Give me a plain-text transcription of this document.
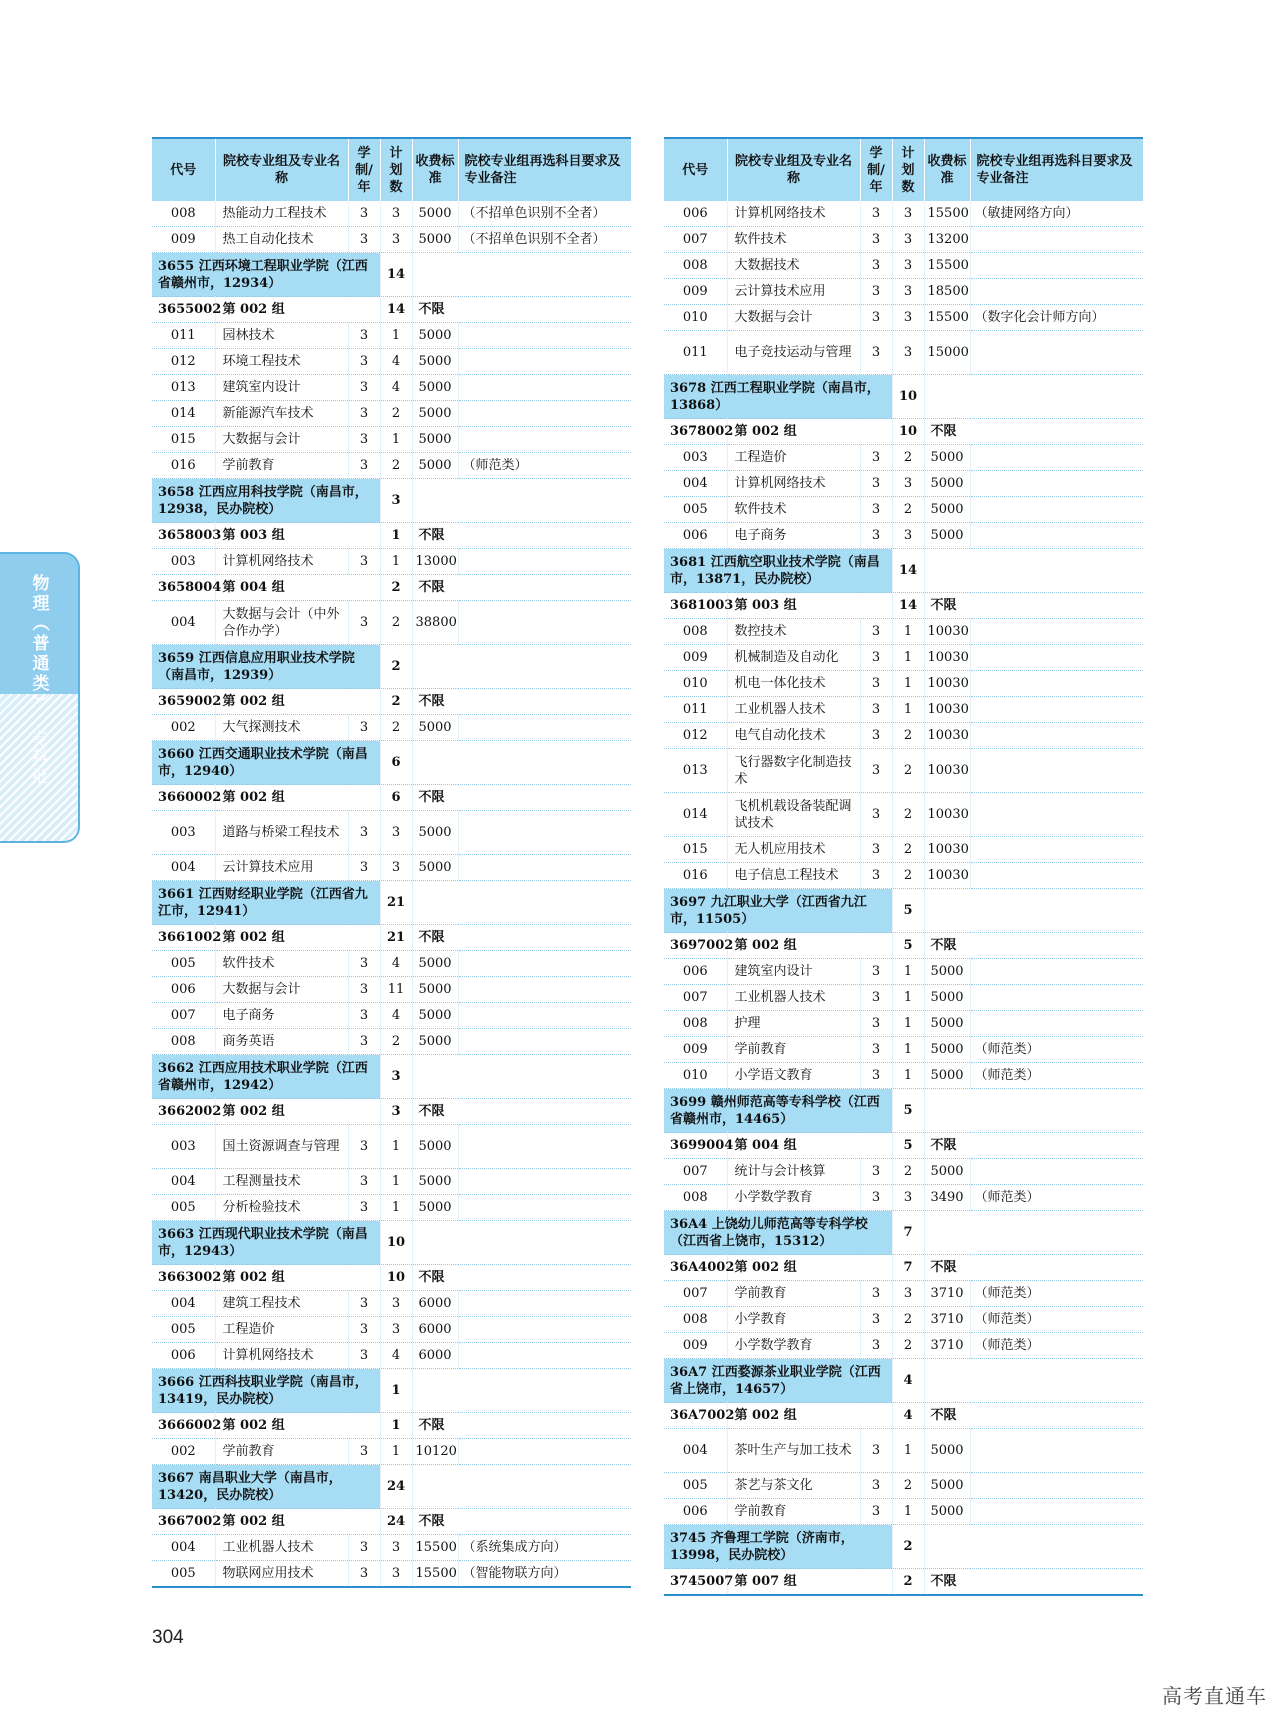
物理（普通类）
专科批
代号	院校专业组及专业名称	学制/年	计划数	收费标准	院校专业组再选科目要求及专业备注
008	热能动力工程技术	3	3	5000	（不招单色识别不全者）
009	热工自动化技术	3	3	5000	（不招单色识别不全者）
3655 江西环境工程职业学院（江西省赣州市，12934）			14		
3655002	第 002 组		14	不限	
011	园林技术	3	1	5000	
012	环境工程技术	3	4	5000	
013	建筑室内设计	3	4	5000	
014	新能源汽车技术	3	2	5000	
015	大数据与会计	3	1	5000	
016	学前教育	3	2	5000	（师范类）
3658 江西应用科技学院（南昌市，12938，民办院校）			3		
3658003	第 003 组		1	不限	
003	计算机网络技术	3	1	13000	
3658004	第 004 组		2	不限	
004	大数据与会计（中外合作办学）	3	2	38800	
3659 江西信息应用职业技术学院（南昌市，12939）			2		
3659002	第 002 组		2	不限	
002	大气探测技术	3	2	5000	
3660 江西交通职业技术学院（南昌市，12940）			6		
3660002	第 002 组		6	不限	
003	道路与桥梁工程技术	3	3	5000	
004	云计算技术应用	3	3	5000	
3661 江西财经职业学院（江西省九江市，12941）			21		
3661002	第 002 组		21	不限	
005	软件技术	3	4	5000	
006	大数据与会计	3	11	5000	
007	电子商务	3	4	5000	
008	商务英语	3	2	5000	
3662 江西应用技术职业学院（江西省赣州市，12942）			3		
3662002	第 002 组		3	不限	
003	国土资源调查与管理	3	1	5000	
004	工程测量技术	3	1	5000	
005	分析检验技术	3	1	5000	
3663 江西现代职业技术学院（南昌市，12943）			10		
3663002	第 002 组		10	不限	
004	建筑工程技术	3	3	6000	
005	工程造价	3	3	6000	
006	计算机网络技术	3	4	6000	
3666 江西科技职业学院（南昌市，13419，民办院校）			1		
3666002	第 002 组		1	不限	
002	学前教育	3	1	10120	
3667 南昌职业大学（南昌市，13420，民办院校）			24		
3667002	第 002 组		24	不限	
004	工业机器人技术	3	3	15500	（系统集成方向）
005	物联网应用技术	3	3	15500	（智能物联方向）
代号	院校专业组及专业名称	学制/年	计划数	收费标准	院校专业组再选科目要求及专业备注
006	计算机网络技术	3	3	15500	（敏捷网络方向）
007	软件技术	3	3	13200	
008	大数据技术	3	3	15500	
009	云计算技术应用	3	3	18500	
010	大数据与会计	3	3	15500	（数字化会计师方向）
011	电子竞技运动与管理	3	3	15000	
3678 江西工程职业学院（南昌市，13868）			10		
3678002	第 002 组		10	不限	
003	工程造价	3	2	5000	
004	计算机网络技术	3	3	5000	
005	软件技术	3	2	5000	
006	电子商务	3	3	5000	
3681 江西航空职业技术学院（南昌市，13871，民办院校）			14		
3681003	第 003 组		14	不限	
008	数控技术	3	1	10030	
009	机械制造及自动化	3	1	10030	
010	机电一体化技术	3	1	10030	
011	工业机器人技术	3	1	10030	
012	电气自动化技术	3	2	10030	
013	飞行器数字化制造技术	3	2	10030	
014	飞机机载设备装配调试技术	3	2	10030	
015	无人机应用技术	3	2	10030	
016	电子信息工程技术	3	2	10030	
3697 九江职业大学（江西省九江市，11505）			5		
3697002	第 002 组		5	不限	
006	建筑室内设计	3	1	5000	
007	工业机器人技术	3	1	5000	
008	护理	3	1	5000	
009	学前教育	3	1	5000	（师范类）
010	小学语文教育	3	1	5000	（师范类）
3699 赣州师范高等专科学校（江西省赣州市，14465）			5		
3699004	第 004 组		5	不限	
007	统计与会计核算	3	2	5000	
008	小学数学教育	3	3	3490	（师范类）
36A4 上饶幼儿师范高等专科学校（江西省上饶市，15312）			7		
36A4002	第 002 组		7	不限	
007	学前教育	3	3	3710	（师范类）
008	小学教育	3	2	3710	（师范类）
009	小学数学教育	3	2	3710	（师范类）
36A7 江西婺源茶业职业学院（江西省上饶市，14657）			4		
36A7002	第 002 组		4	不限	
004	茶叶生产与加工技术	3	1	5000	
005	茶艺与茶文化	3	2	5000	
006	学前教育	3	1	5000	
3745 齐鲁理工学院（济南市，13998，民办院校）			2		
3745007	第 007 组		2	不限	
304
高考直通车
